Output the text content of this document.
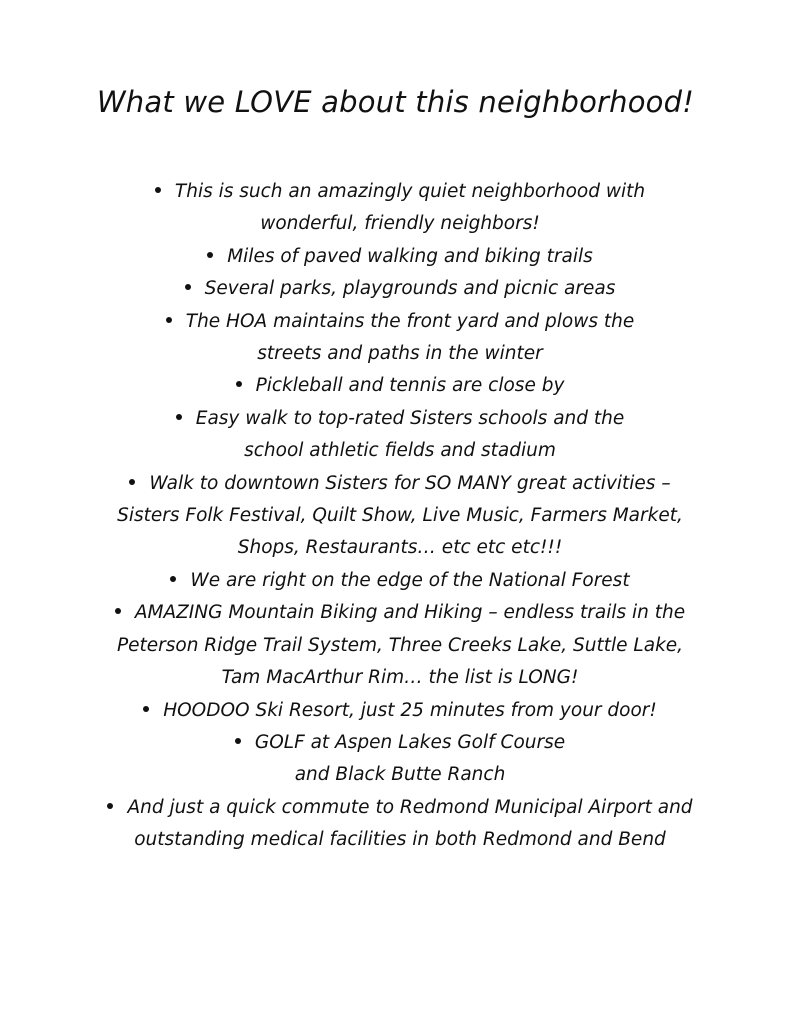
What we LOVE about this neighborhood!
This is such an amazingly quiet neighborhood with
wonderful, friendly neighbors!
Miles of paved walking and biking trails
Several parks, playgrounds and picnic areas
The HOA maintains the front yard and plows the
streets and paths in the winter
Pickleball and tennis are close by
Easy walk to top-rated Sisters schools and the
school athletic fields and stadium
Walk to downtown Sisters for SO MANY great activities –
Sisters Folk Festival, Quilt Show, Live Music, Farmers Market,
Shops, Restaurants… etc etc etc!!!
We are right on the edge of the National Forest
AMAZING Mountain Biking and Hiking – endless trails in the
Peterson Ridge Trail System, Three Creeks Lake, Suttle Lake,
Tam MacArthur Rim… the list is LONG!
HOODOO Ski Resort, just 25 minutes from your door!
GOLF at Aspen Lakes Golf Course
and Black Butte Ranch
And just a quick commute to Redmond Municipal Airport and
outstanding medical facilities in both Redmond and Bend
